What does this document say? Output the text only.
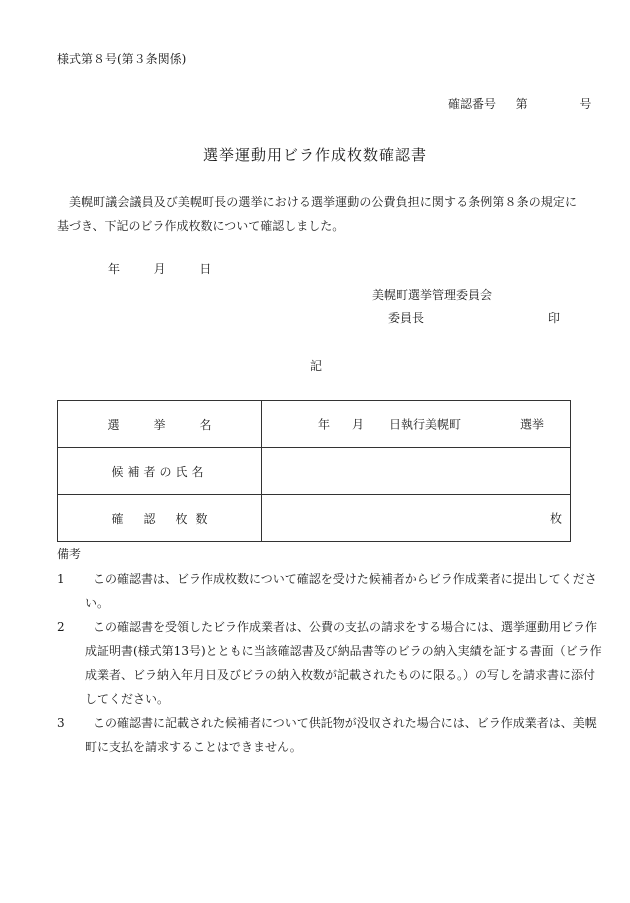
様式第８号(第３条関係)
確認番号 第	号
選挙運動用ビラ作成枚数確認書
美幌町議会議員及び美幌町長の選挙における選挙運動の公費負担に関する条例第８条の規定に基づき、下記のビラ作成枚数について確認しました。
年	月	日
美幌町選挙管理委員会
委員長	印
記
選 挙 名	年 月 日執行美幌町 選挙

候補者の氏名	
確 認 枚 数	枚
備考
1 この確認書は、ビラ作成枚数について確認を受けた候補者からビラ作成業者に提出してください。
2 この確認書を受領したビラ作成業者は、公費の支払の請求をする場合には、選挙運動用ビラ作成証明書(様式第13号)とともに当該確認書及び納品書等のビラの納入実績を証する書面（ビラ作成業者、ビラ納入年月日及びビラの納入枚数が記載されたものに限る。）の写しを請求書に添付してください。
3 この確認書に記載された候補者について供託物が没収された場合には、ビラ作成業者は、美幌町に支払を請求することはできません。
